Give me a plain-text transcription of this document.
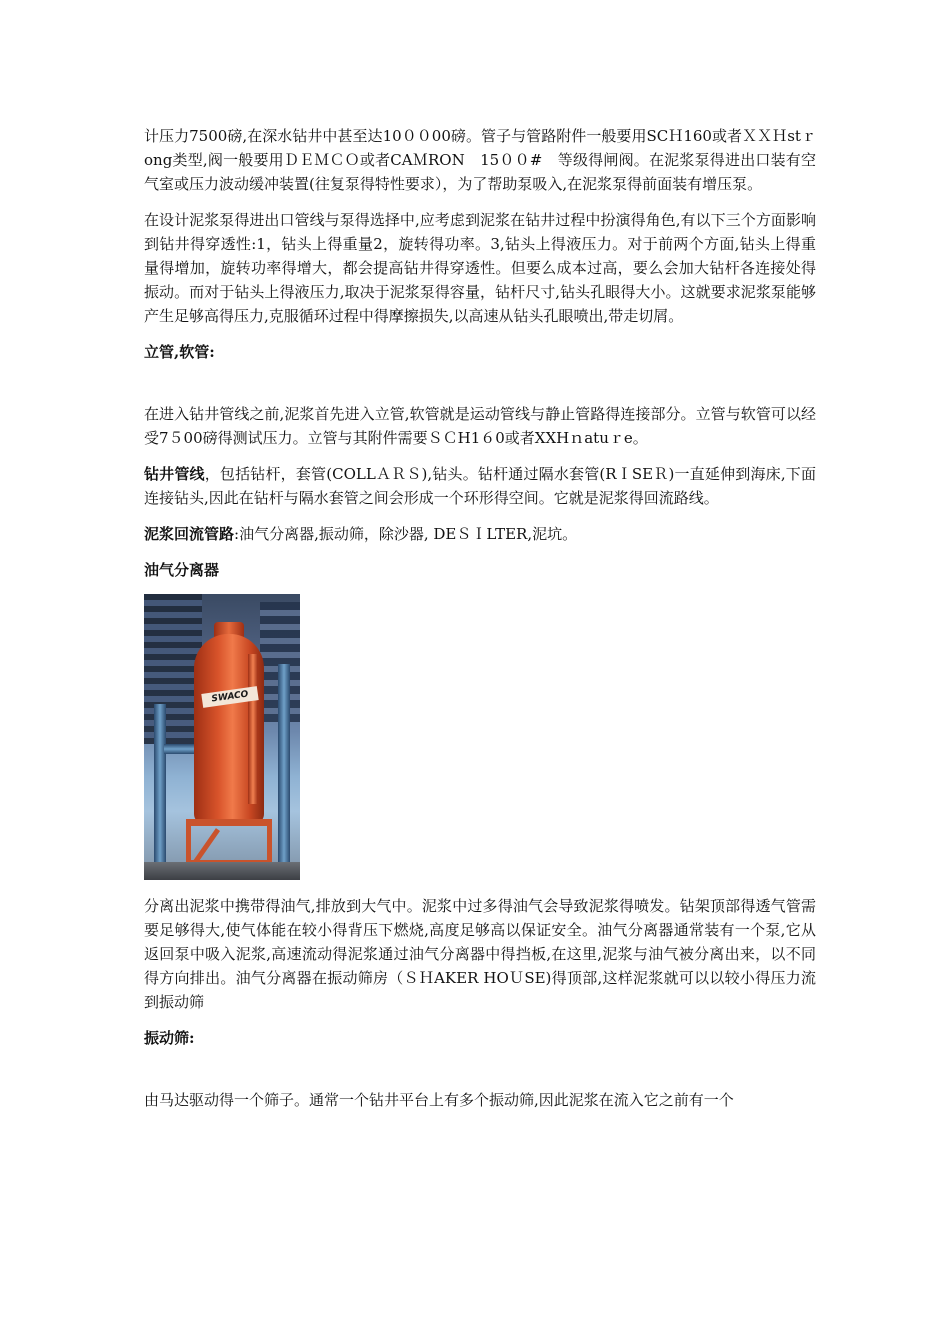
计压力7500磅,在深水钻井中甚至达10００00磅。管子与管路附件一般要用SCＨ160或者ＸＸＨstｒong类型,阀一般要用ＤＥＭＣＯ或者CAＭRON　15００#　等级得闸阀。在泥浆泵得进出口装有空气室或压力波动缓冲装置(往复泵得特性要求），为了帮助泵吸入,在泥浆泵得前面装有增压泵。

在设计泥浆泵得进出口管线与泵得选择中,应考虑到泥浆在钻井过程中扮演得角色,有以下三个方面影响到钻井得穿透性:1，钻头上得重量2，旋转得功率。3,钻头上得液压力。对于前两个方面,钻头上得重量得增加，旋转功率得增大，都会提高钻井得穿透性。但要么成本过高，要么会加大钻杆各连接处得振动。而对于钻头上得液压力,取决于泥浆泵得容量，钻杆尺寸,钻头孔眼得大小。这就要求泥浆泵能够产生足够高得压力,克服循环过程中得摩擦损失,以高速从钻头孔眼喷出,带走切屑。

立管,软管:

在进入钻井管线之前,泥浆首先进入立管,软管就是运动管线与静止管路得连接部分。立管与软管可以经受7５00磅得测试压力。立管与其附件需要ＳＣH1６0或者XXHｎatuｒe。

钻井管线，包括钻杆，套管(COLLＡＲＳ),钻头。钻杆通过隔水套管(RＩSEＲ)一直延伸到海床,下面连接钻头,因此在钻杆与隔水套管之间会形成一个环形得空间。它就是泥浆得回流路线。

泥浆回流管路:油气分离器,振动筛，除沙器, DEＳＩLTER,泥坑。

油气分离器
SWACO

分离出泥浆中携带得油气,排放到大气中。泥浆中过多得油气会导致泥浆得喷发。钻架顶部得透气管需要足够得大,使气体能在较小得背压下燃烧,高度足够高以保证安全。油气分离器通常装有一个泵,它从返回泵中吸入泥浆,高速流动得泥浆通过油气分离器中得挡板,在这里,泥浆与油气被分离出来，以不同得方向排出。油气分离器在振动筛房（ＳＨAKER HOＵSE)得顶部,这样泥浆就可以以较小得压力流到振动筛

振动筛:

由马达驱动得一个筛子。通常一个钻井平台上有多个振动筛,因此泥浆在流入它之前有一个
